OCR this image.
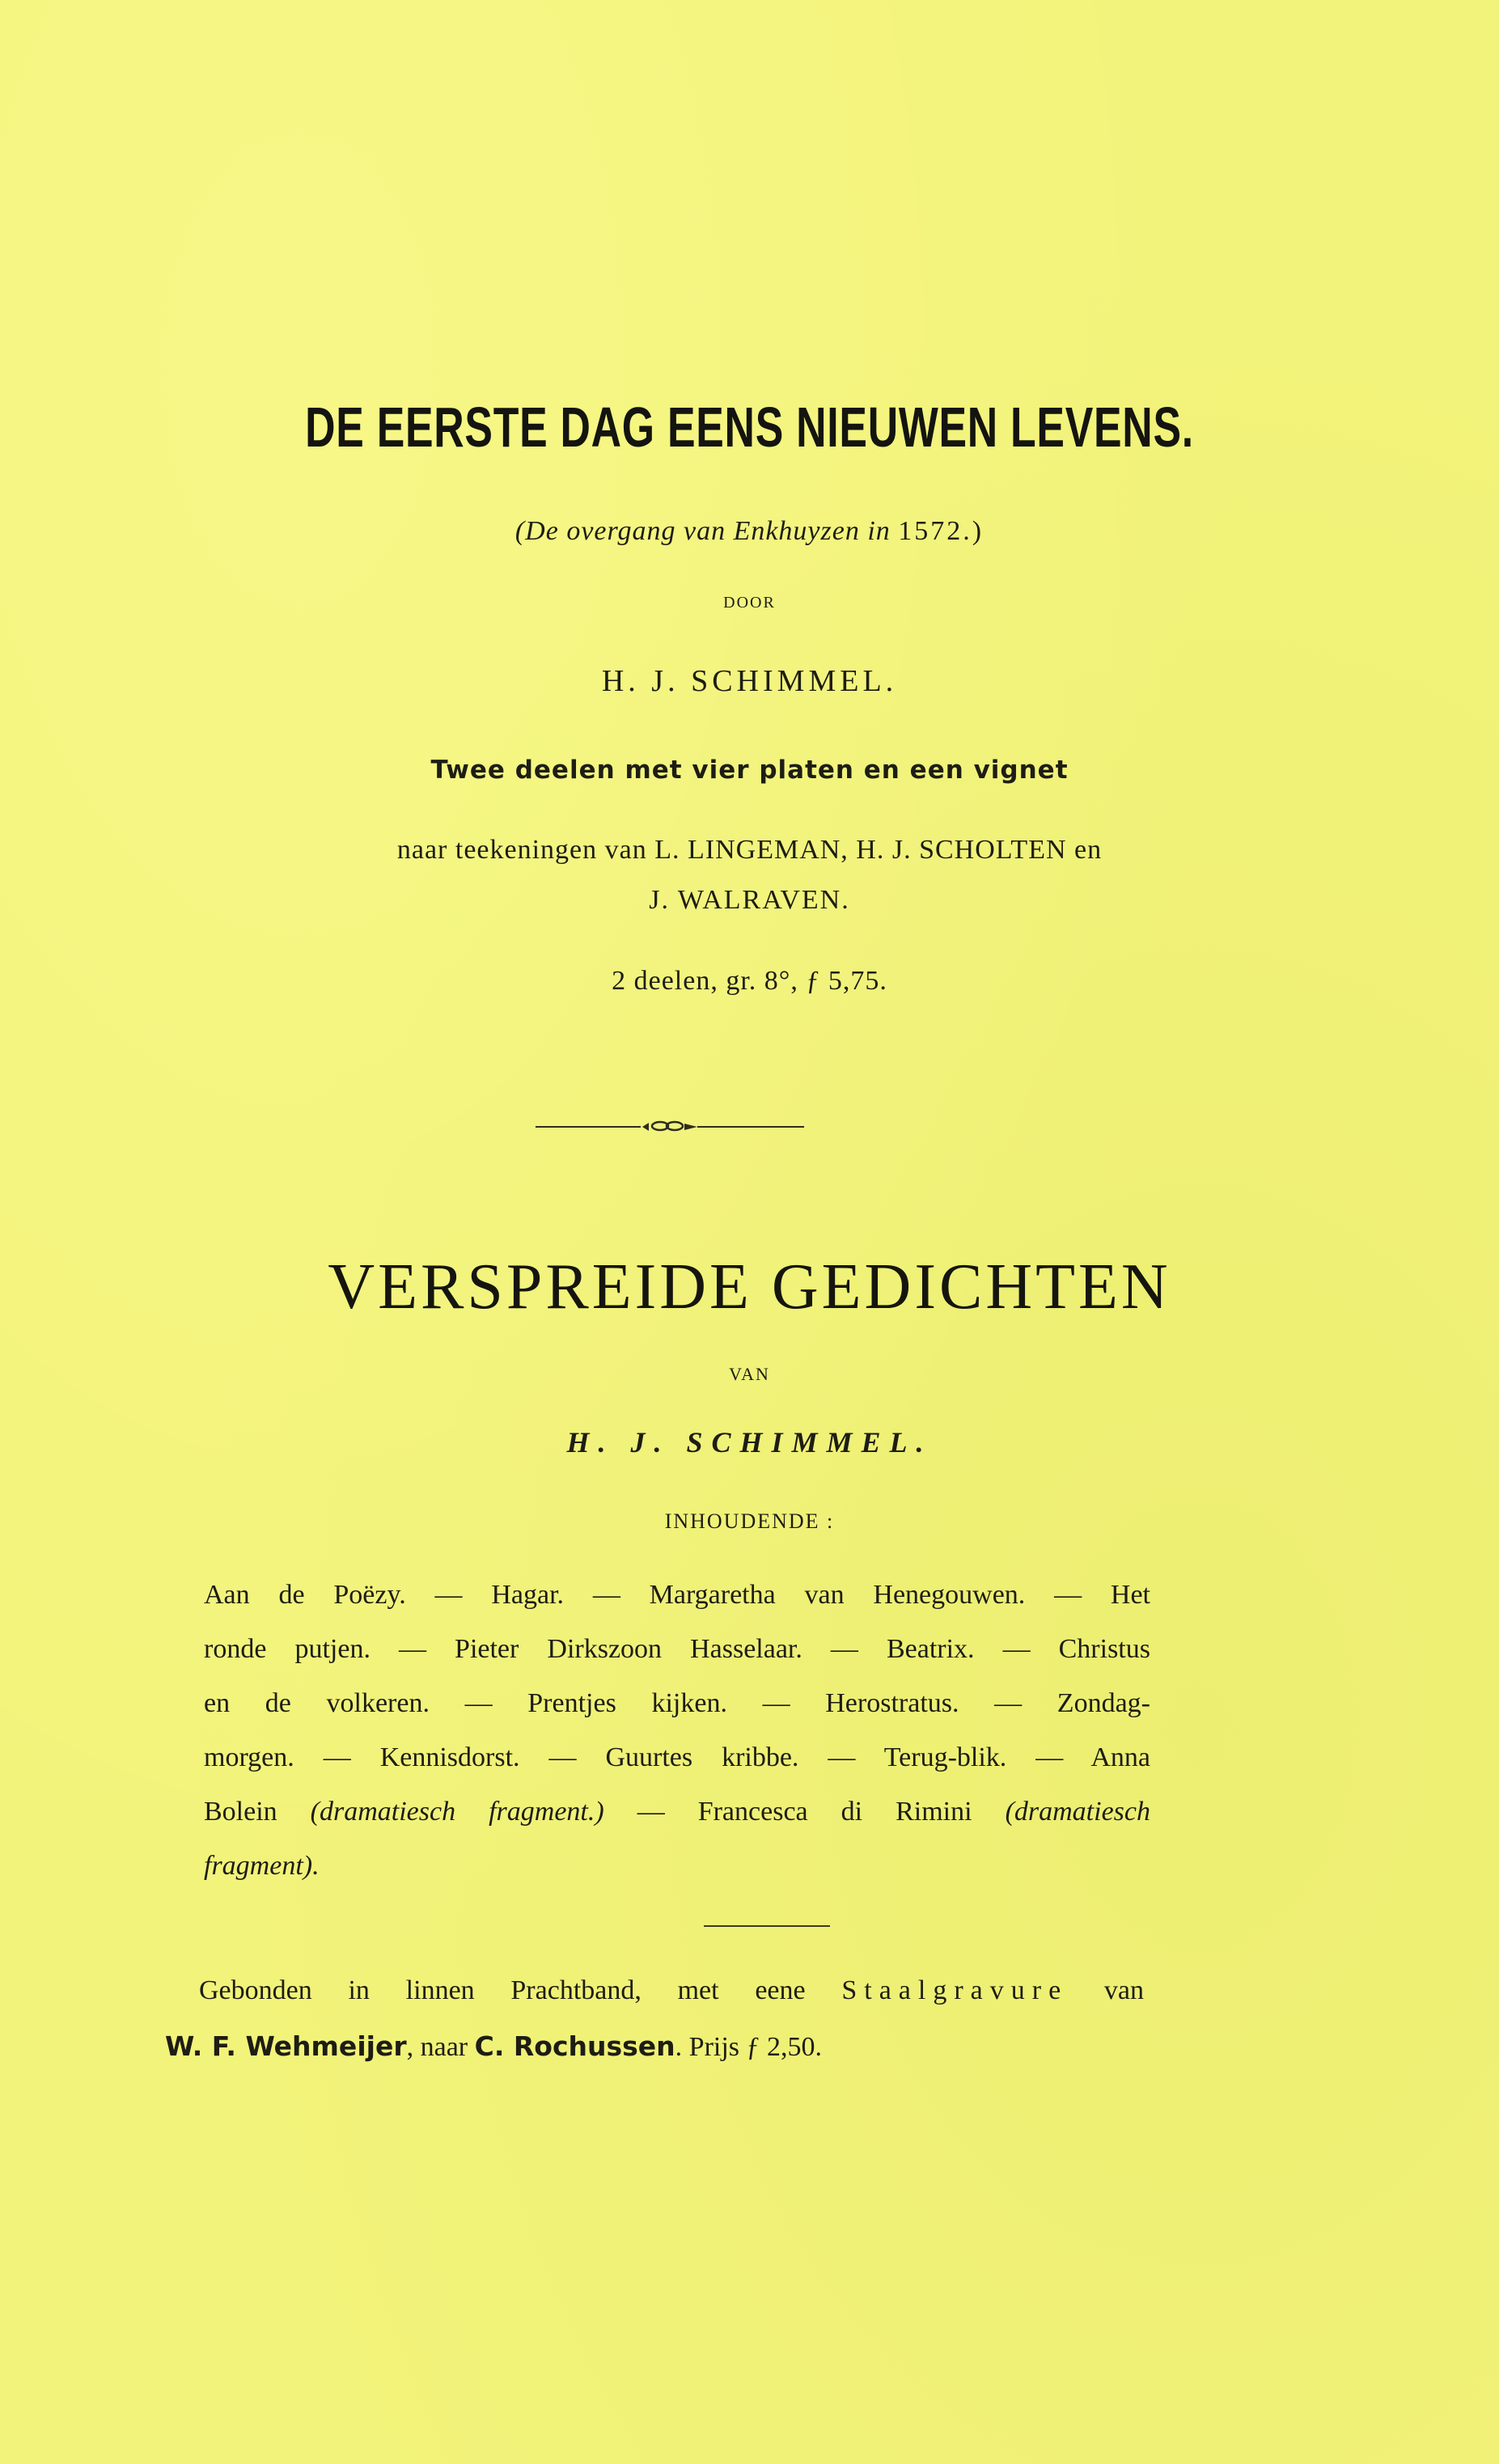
DE EERSTE DAG EENS NIEUWEN LEVENS.
(De overgang van Enkhuyzen in 1572.)
DOOR
H. J. SCHIMMEL.
Twee deelen met vier platen en een vignet
naar teekeningen van L. LINGEMAN, H. J. SCHOLTEN en
J. WALRAVEN.
2 deelen, gr. 8°, ƒ 5,75.
VERSPREIDE GEDICHTEN
VAN
H. J. SCHIMMEL.
INHOUDENDE :
Aan de Poëzy. — Hagar. — Margaretha van Henegouwen. — Het
ronde putjen. — Pieter Dirkszoon Hasselaar. — Beatrix. — Christus
en de volkeren. — Prentjes kijken. — Herostratus. — Zondag-
morgen. — Kennisdorst. — Guurtes kribbe. — Terug-blik. — Anna
Bolein (dramatiesch fragment.) — Francesca di Rimini (dramatiesch
fragment).
Gebonden in linnen Prachtband, met eene Staalgravure van
W. F. Wehmeijer, naar C. Rochussen. Prijs ƒ 2,50.
